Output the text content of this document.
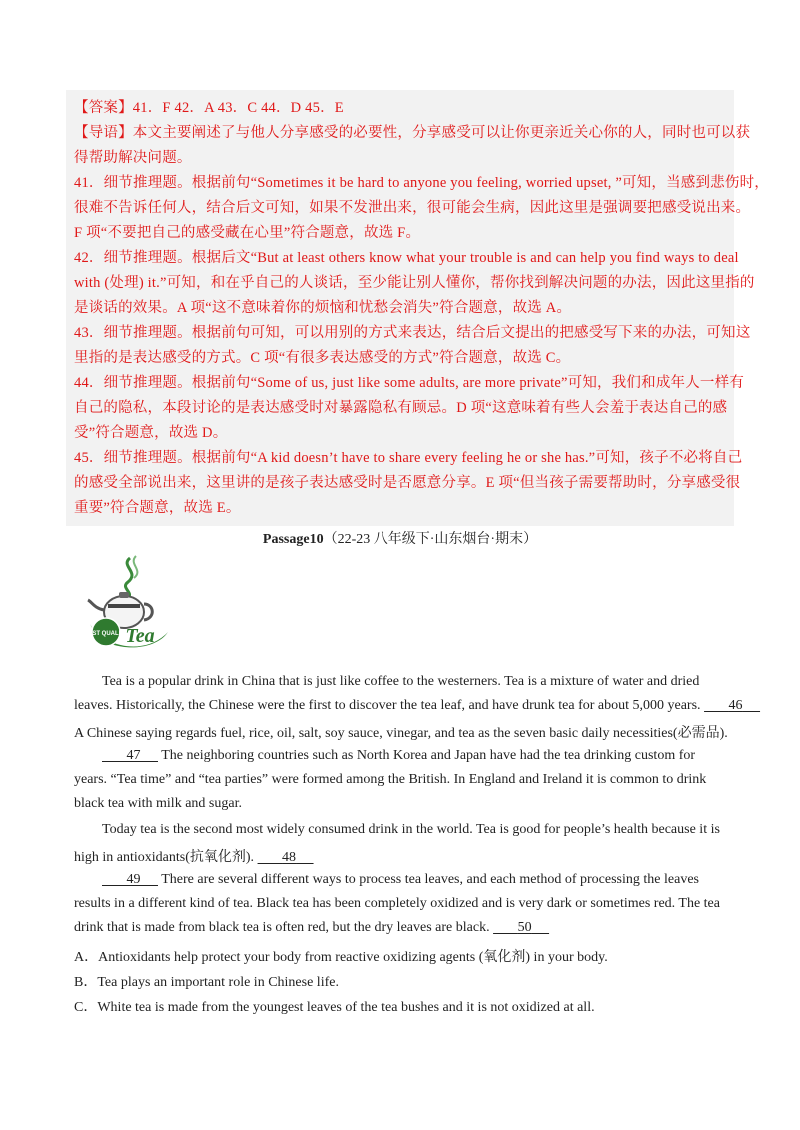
【答案】41．F 42．A 43．C 44．D 45．E
【导语】本文主要阐述了与他人分享感受的必要性，分享感受可以让你更亲近关心你的人，同时也可以获
得帮助解决问题。
41．细节推理题。根据前句“Sometimes it be hard to anyone you feeling, worried upset, ”可知，当感到悲伤时，
很难不告诉任何人，结合后文可知，如果不发泄出来，很可能会生病，因此这里是强调要把感受说出来。
F 项“不要把自己的感受藏在心里”符合题意，故选 F。
42．细节推理题。根据后文“But at least others know what your trouble is and can help you find ways to deal
with (处理) it.”可知，和在乎自己的人谈话，至少能让别人懂你，帮你找到解决问题的办法，因此这里指的
是谈话的效果。A 项“这不意味着你的烦恼和忧愁会消失”符合题意，故选 A。
43．细节推理题。根据前句可知，可以用别的方式来表达，结合后文提出的把感受写下来的办法，可知这
里指的是表达感受的方式。C 项“有很多表达感受的方式”符合题意，故选 C。
44．细节推理题。根据前句“Some of us, just like some adults, are more private”可知，我们和成年人一样有
自己的隐私，本段讨论的是表达感受时对暴露隐私有顾忌。D 项“这意味着有些人会羞于表达自己的感
受”符合题意，故选 D。
45．细节推理题。根据前句“A kid doesn’t have to share every feeling he or she has.”可知，孩子不必将自己
的感受全部说出来，这里讲的是孩子表达感受时是否愿意分享。E 项“但当孩子需要帮助时，分享感受很
重要”符合题意，故选 E。
Passage10（22-23 八年级下·山东烟台·期末）
BEST QUALITY
Tea
Tea is a popular drink in China that is just like coffee to the westerners. Tea is a mixture of water and dried
leaves. Historically, the Chinese were the first to discover the tea leaf, and have drunk tea for about 5,000 years. 46
A Chinese saying regards fuel, rice, oil, salt, soy sauce, vinegar, and tea as the seven basic daily necessities(必需品).
47 The neighboring countries such as North Korea and Japan have had the tea drinking custom for
years. “Tea time” and “tea parties” were formed among the British. In England and Ireland it is common to drink
black tea with milk and sugar.
Today tea is the second most widely consumed drink in the world. Tea is good for people’s health because it is
high in antioxidants(抗氧化剂). 48
49 There are several different ways to process tea leaves, and each method of processing the leaves
results in a different kind of tea. Black tea has been completely oxidized and is very dark or sometimes red. The tea
drink that is made from black tea is often red, but the dry leaves are black. 50
A．Antioxidants help protect your body from reactive oxidizing agents (氧化剂) in your body.
B．Tea plays an important role in Chinese life.
C．White tea is made from the youngest leaves of the tea bushes and it is not oxidized at all.
